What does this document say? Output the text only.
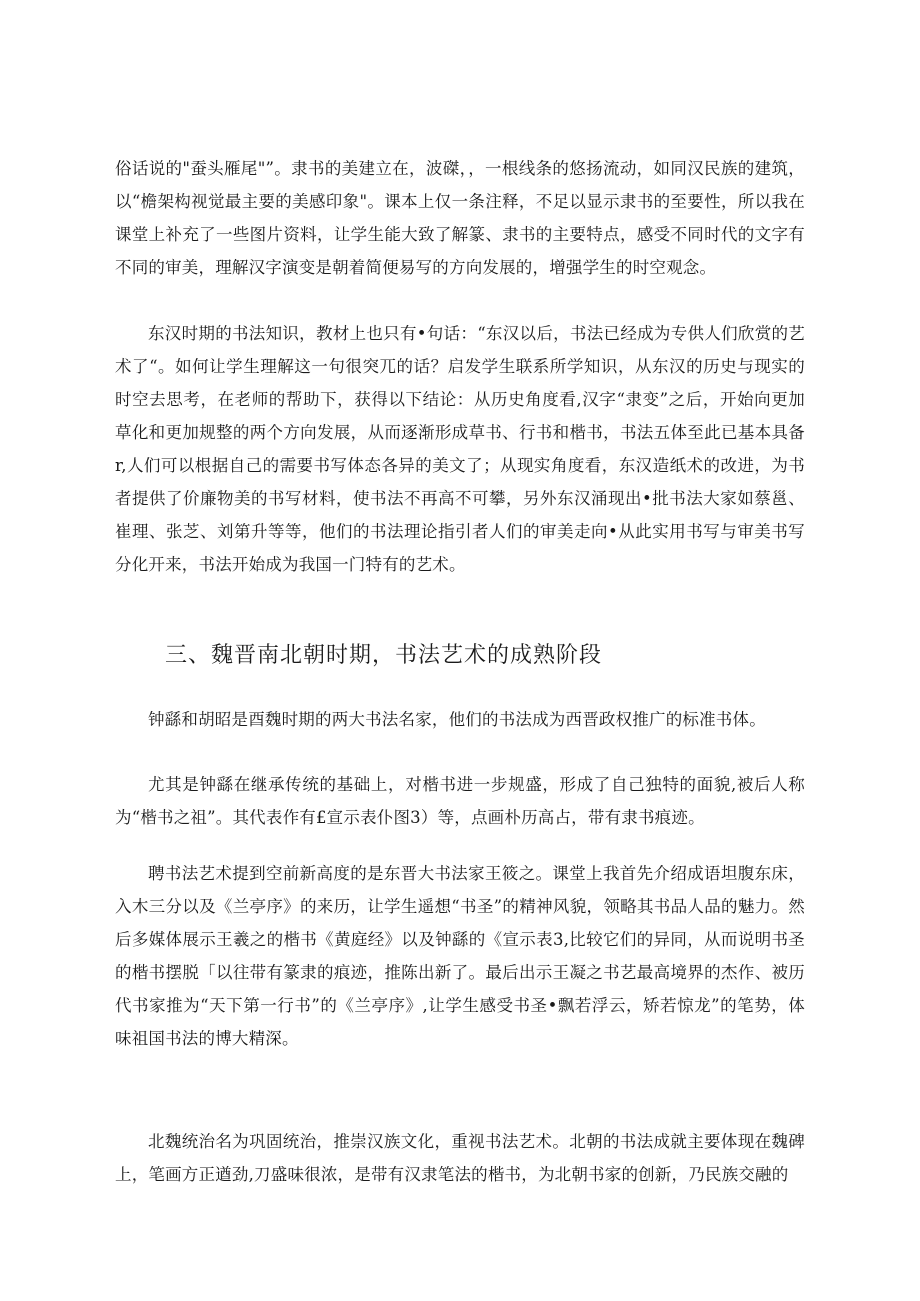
俗话说的"蚕头雁尾"”。隶书的美建立在，波磔，，一根线条的悠扬流动，如同汉民族的建筑，以“檐架构视觉最主要的美感印象"。课本上仅一条注释，不足以显示隶书的至要性，所以我在课堂上补充了一些图片资料，让学生能大致了解篆、隶书的主要特点，感受不同时代的文字有不同的审美，理解汉字演变是朝着简便易写的方向发展的，增强学生的时空观念。

东汉时期的书法知识，教材上也只有•句话：“东汉以后，书法已经成为专供人们欣赏的艺术了“。如何让学生理解这一句很突兀的话？启发学生联系所学知识，从东汉的历史与现实的时空去思考，在老师的帮助下，获得以下结论：从历史角度看,汉字“隶变”之后，开始向更加草化和更加规整的两个方向发展，从而逐渐形成草书、行书和楷书，书法五体至此已基本具备r,人们可以根据自己的需要书写体态各异的美文了；从现实角度看，东汉造纸术的改进，为书者提供了价廉物美的书写材料，使书法不再高不可攀，另外东汉涌现出•批书法大家如蔡邕、崔理、张芝、刘第升等等，他们的书法理论指引者人们的审美走向•从此实用书写与审美书写分化开来，书法开始成为我国一门特有的艺术。

三、魏晋南北朝时期，书法艺术的成熟阶段

钟繇和胡昭是酉魏时期的两大书法名家，他们的书法成为西晋政权推广的标准书体。

尤其是钟繇在继承传统的基础上，对楷书进一步规盛，形成了自己独特的面貌,被后人称为“楷书之祖”。其代表作有£宣示表仆图3）等，点画朴历高占，带有隶书痕迹。

聘书法艺术提到空前新高度的是东晋大书法家王筱之。课堂上我首先介绍成语坦腹东床，入木三分以及《兰亭序》的来历，让学生遥想“书圣”的精神风貌，领略其书品人品的魅力。然后多媒体展示王羲之的楷书《黄庭经》以及钟繇的《宣示表3,比较它们的异同，从而说明书圣的楷书摆脱「以往带有篆隶的痕迹，推陈出新了。最后出示王凝之书艺最高境界的杰作、被历代书家推为“天下第一行书”的《兰亭序》,让学生感受书圣•飘若浮云，矫若惊龙”的笔势，体味祖国书法的博大精深。

北魏统治名为巩固统治，推崇汉族文化，重视书法艺术。北朝的书法成就主要体现在魏碑上，笔画方正遒劲,刀盛味很浓，是带有汉隶笔法的楷书，为北朝书家的创新，乃民族交融的
